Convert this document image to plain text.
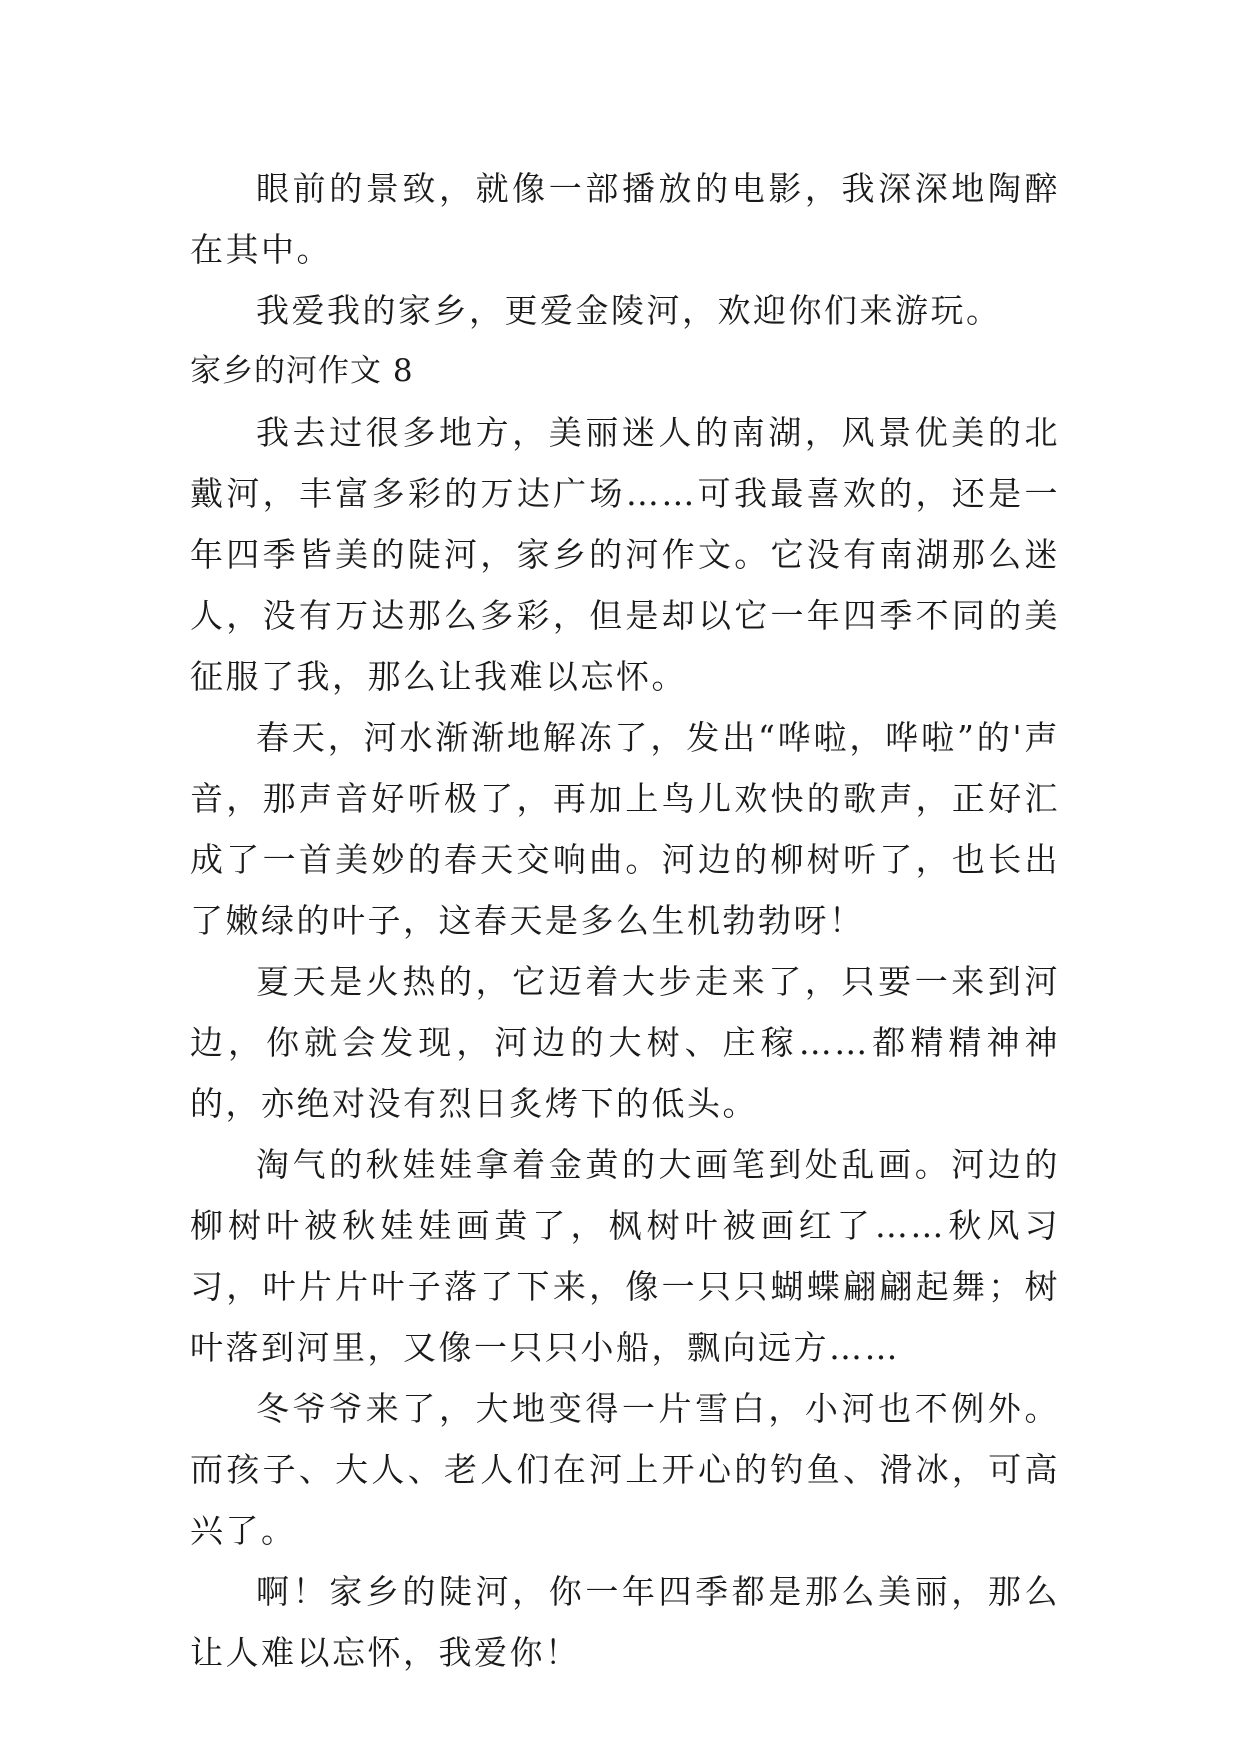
眼前的景致，就像一部播放的电影，我深深地陶醉在其中。

我爱我的家乡，更爱金陵河，欢迎你们来游玩。

家乡的河作文 8

我去过很多地方，美丽迷人的南湖，风景优美的北戴河，丰富多彩的万达广场……可我最喜欢的，还是一年四季皆美的陡河，家乡的河作文。它没有南湖那么迷人，没有万达那么多彩，但是却以它一年四季不同的美征服了我，那么让我难以忘怀。

春天，河水渐渐地解冻了，发出“哗啦，哗啦”的'声音，那声音好听极了，再加上鸟儿欢快的歌声，正好汇成了一首美妙的春天交响曲。河边的柳树听了，也长出了嫩绿的叶子，这春天是多么生机勃勃呀！

夏天是火热的，它迈着大步走来了，只要一来到河边，你就会发现，河边的大树、庄稼……都精精神神的，亦绝对没有烈日炙烤下的低头。

淘气的秋娃娃拿着金黄的大画笔到处乱画。河边的柳树叶被秋娃娃画黄了，枫树叶被画红了……秋风习习，叶片片叶子落了下来，像一只只蝴蝶翩翩起舞；树叶落到河里，又像一只只小船，飘向远方……

冬爷爷来了，大地变得一片雪白，小河也不例外。而孩子、大人、老人们在河上开心的钓鱼、滑冰，可高兴了。

啊！家乡的陡河，你一年四季都是那么美丽，那么让人难以忘怀，我爱你！
